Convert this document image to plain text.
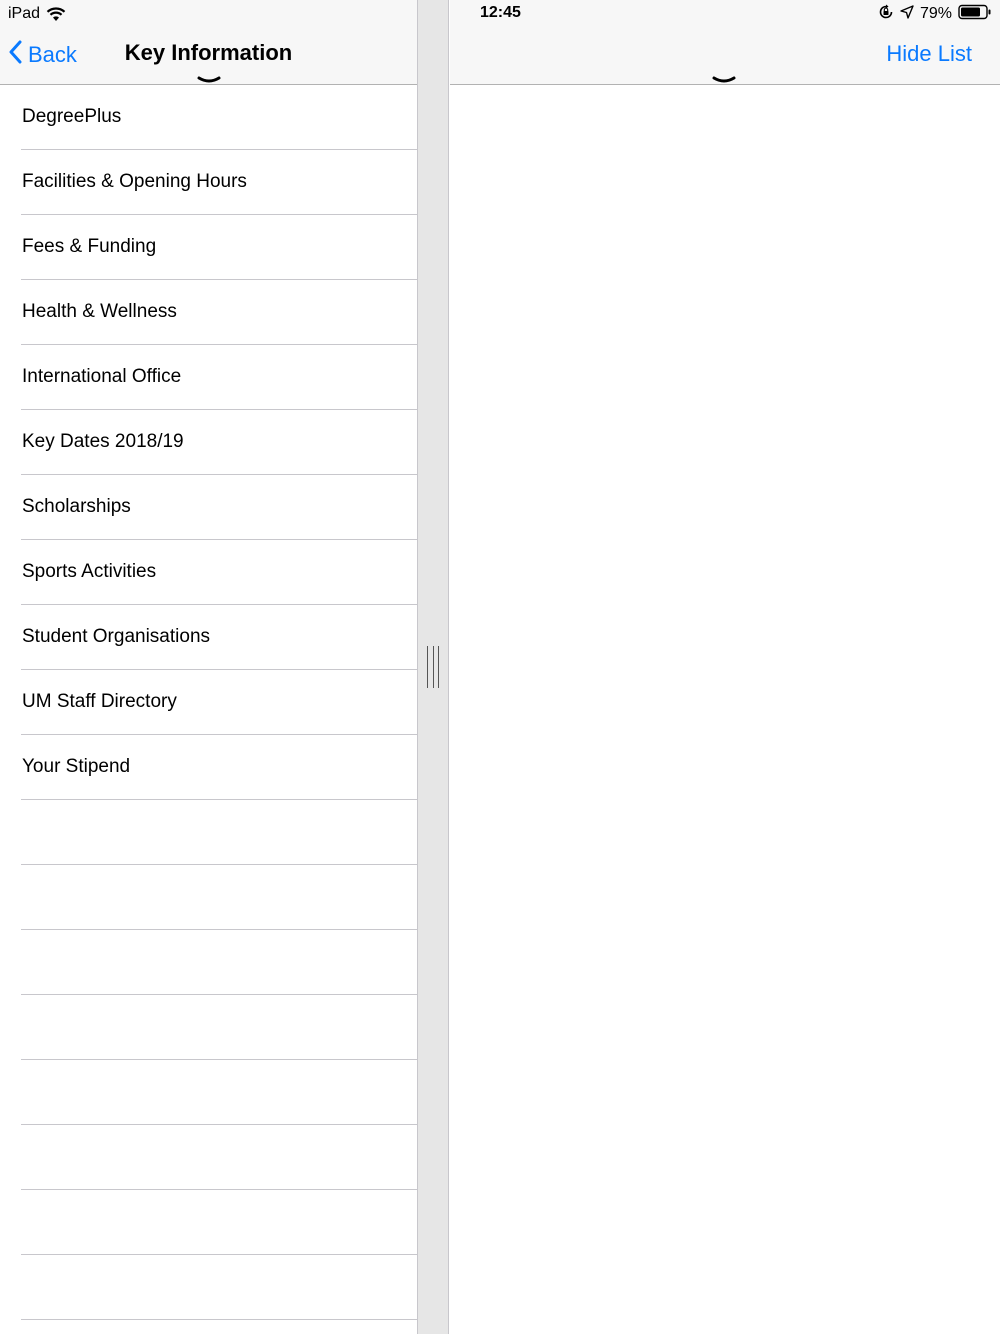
iPad
Back	Key Information
DegreePlus
Facilities & Opening Hours
Fees & Funding
Health & Wellness
International Office
Key Dates 2018/19
Scholarships
Sports Activities
Student Organisations
UM Staff Directory
Your Stipend
12:45	79%
Hide List
